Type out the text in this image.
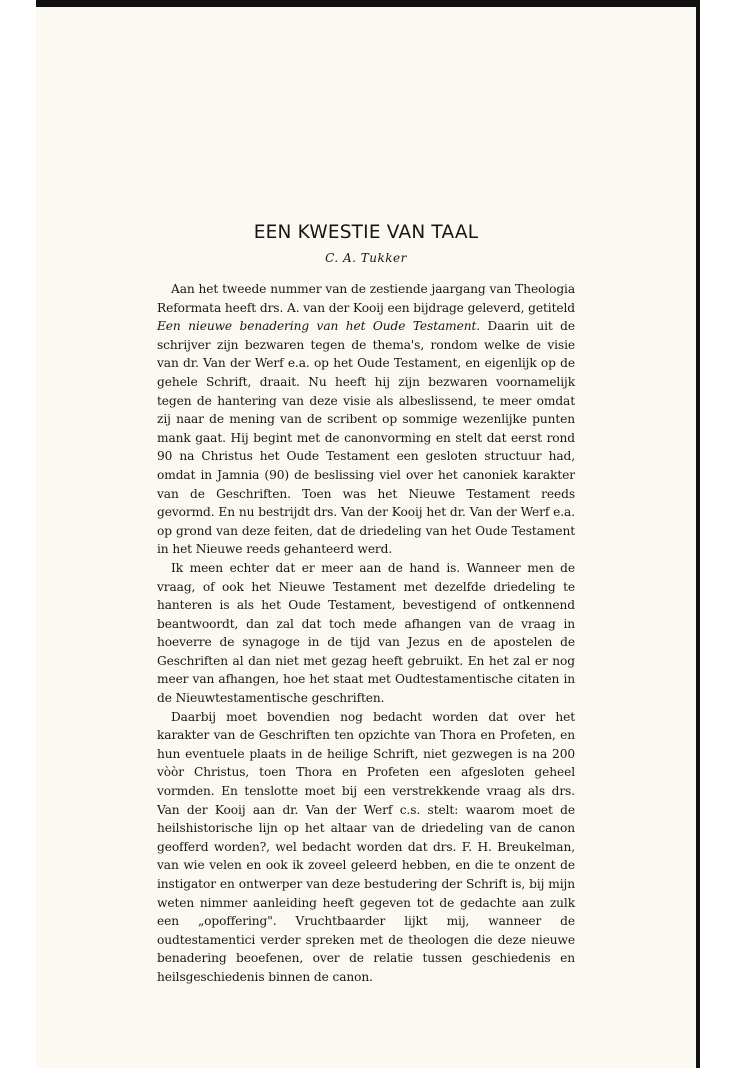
EEN KWESTIE VAN TAAL
C. A. Tukker

Aan het tweede nummer van de zestiende jaargang van Theologia Reformata heeft drs. A. van der Kooij een bijdrage geleverd, getiteld Een nieuwe benadering van het Oude Testament. Daarin uit de schrijver zijn bezwaren tegen de thema's, rondom welke de visie van dr. Van der Werf e.a. op het Oude Testament, en eigenlijk op de gehele Schrift, draait. Nu heeft hij zijn bezwaren voornamelijk tegen de hantering van deze visie als albeslissend, te meer omdat zij naar de mening van de scribent op sommige wezenlijke punten mank gaat. Hij begint met de canonvorming en stelt dat eerst rond 90 na Christus het Oude Testament een gesloten structuur had, omdat in Jamnia (90) de beslissing viel over het canoniek karakter van de Geschriften. Toen was het Nieuwe Testament reeds gevormd. En nu bestrijdt drs. Van der Kooij het dr. Van der Werf e.a. op grond van deze feiten, dat de driedeling van het Oude Testament in het Nieuwe reeds gehanteerd werd.

Ik meen echter dat er meer aan de hand is. Wanneer men de vraag, of ook het Nieuwe Testament met dezelfde driedeling te hanteren is als het Oude Testament, bevestigend of ontkennend beantwoordt, dan zal dat toch mede afhangen van de vraag in hoeverre de synagoge in de tijd van Jezus en de apostelen de Geschriften al dan niet met gezag heeft gebruikt. En het zal er nog meer van afhangen, hoe het staat met Oudtestamentische citaten in de Nieuwtestamentische geschriften.

Daarbij moet bovendien nog bedacht worden dat over het karakter van de Geschriften ten opzichte van Thora en Profeten, en hun eventuele plaats in de heilige Schrift, niet gezwegen is na 200 vòòr Christus, toen Thora en Profeten een afgesloten geheel vormden. En tenslotte moet bij een verstrekkende vraag als drs. Van der Kooij aan dr. Van der Werf c.s. stelt: waarom moet de heilshistorische lijn op het altaar van de driedeling van de canon geofferd worden?, wel bedacht worden dat drs. F. H. Breukelman, van wie velen en ook ik zoveel geleerd hebben, en die te onzent de instigator en ontwerper van deze bestudering der Schrift is, bij mijn weten nimmer aanleiding heeft gegeven tot de gedachte aan zulk een „opoffering". Vruchtbaarder lijkt mij, wanneer de oudtestamentici verder spreken met de theologen die deze nieuwe benadering beoefenen, over de relatie tussen geschiedenis en heilsgeschiedenis binnen de canon.
